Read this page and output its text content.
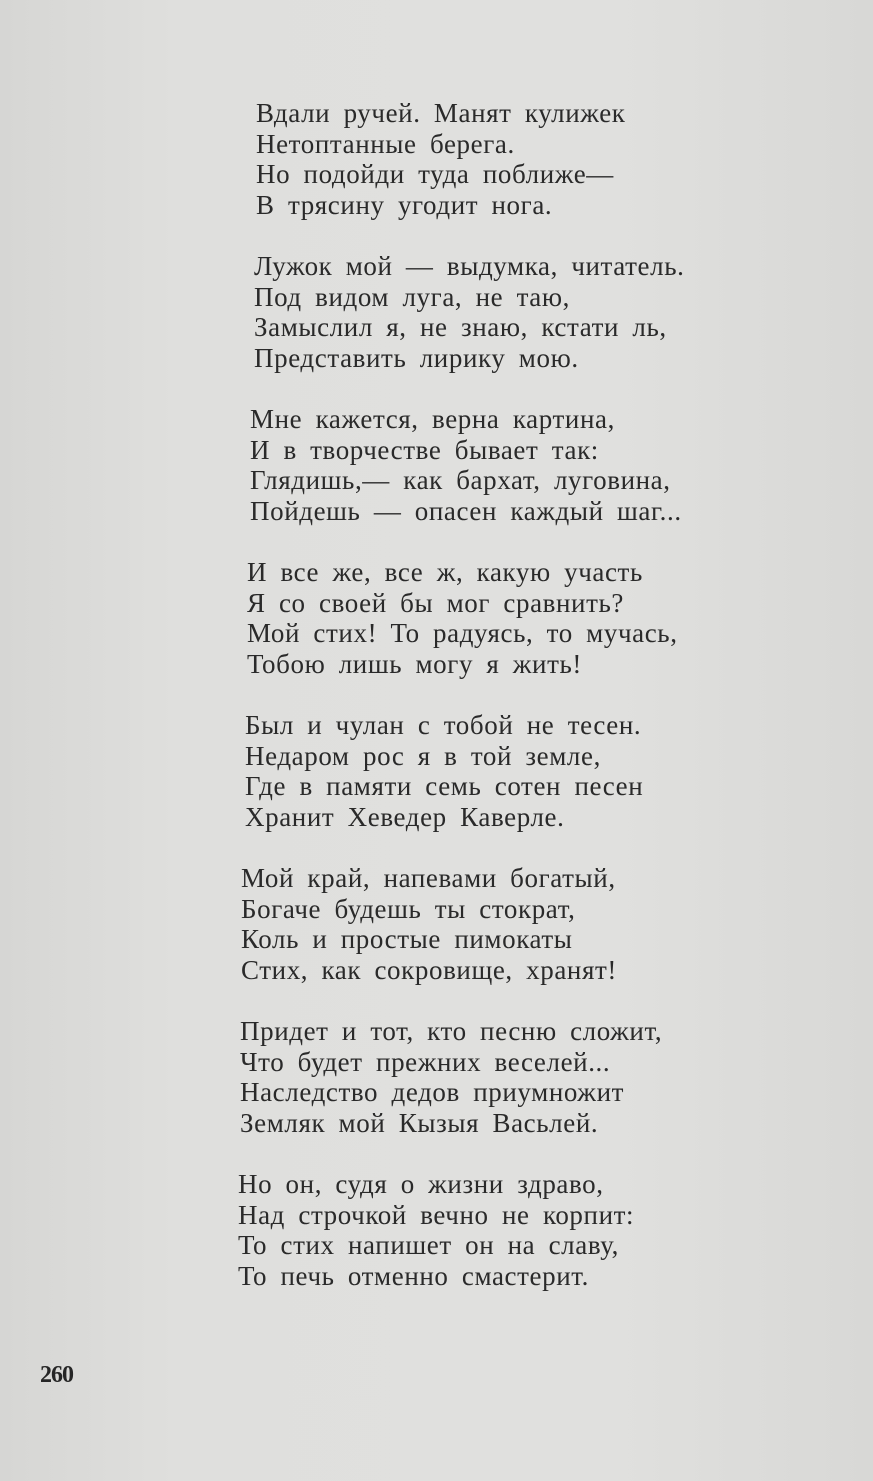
Вдали ручей. Манят кулижек
Нетоптанные берега.
Но подойди туда поближе—
В трясину угодит нога.
Лужок мой — выдумка, читатель.
Под видом луга, не таю,
Замыслил я, не знаю, кстати ль,
Представить лирику мою.
Мне кажется, верна картина,
И в творчестве бывает так:
Глядишь,— как бархат, луговина,
Пойдешь — опасен каждый шаг...
И все же, все ж, какую участь
Я со своей бы мог сравнить?
Мой стих! То радуясь, то мучась,
Тобою лишь могу я жить!
Был и чулан с тобой не тесен.
Недаром рос я в той земле,
Где в памяти семь сотен песен
Хранит Хеведер Каверле.
Мой край, напевами богатый,
Богаче будешь ты стократ,
Коль и простые пимокаты
Стих, как сокровище, хранят!
Придет и тот, кто песню сложит,
Что будет прежних веселей...
Наследство дедов приумножит
Земляк мой Кызыя Васьлей.
Но он, судя о жизни здраво,
Над строчкой вечно не корпит:
То стих напишет он на славу,
То печь отменно смастерит.
260
